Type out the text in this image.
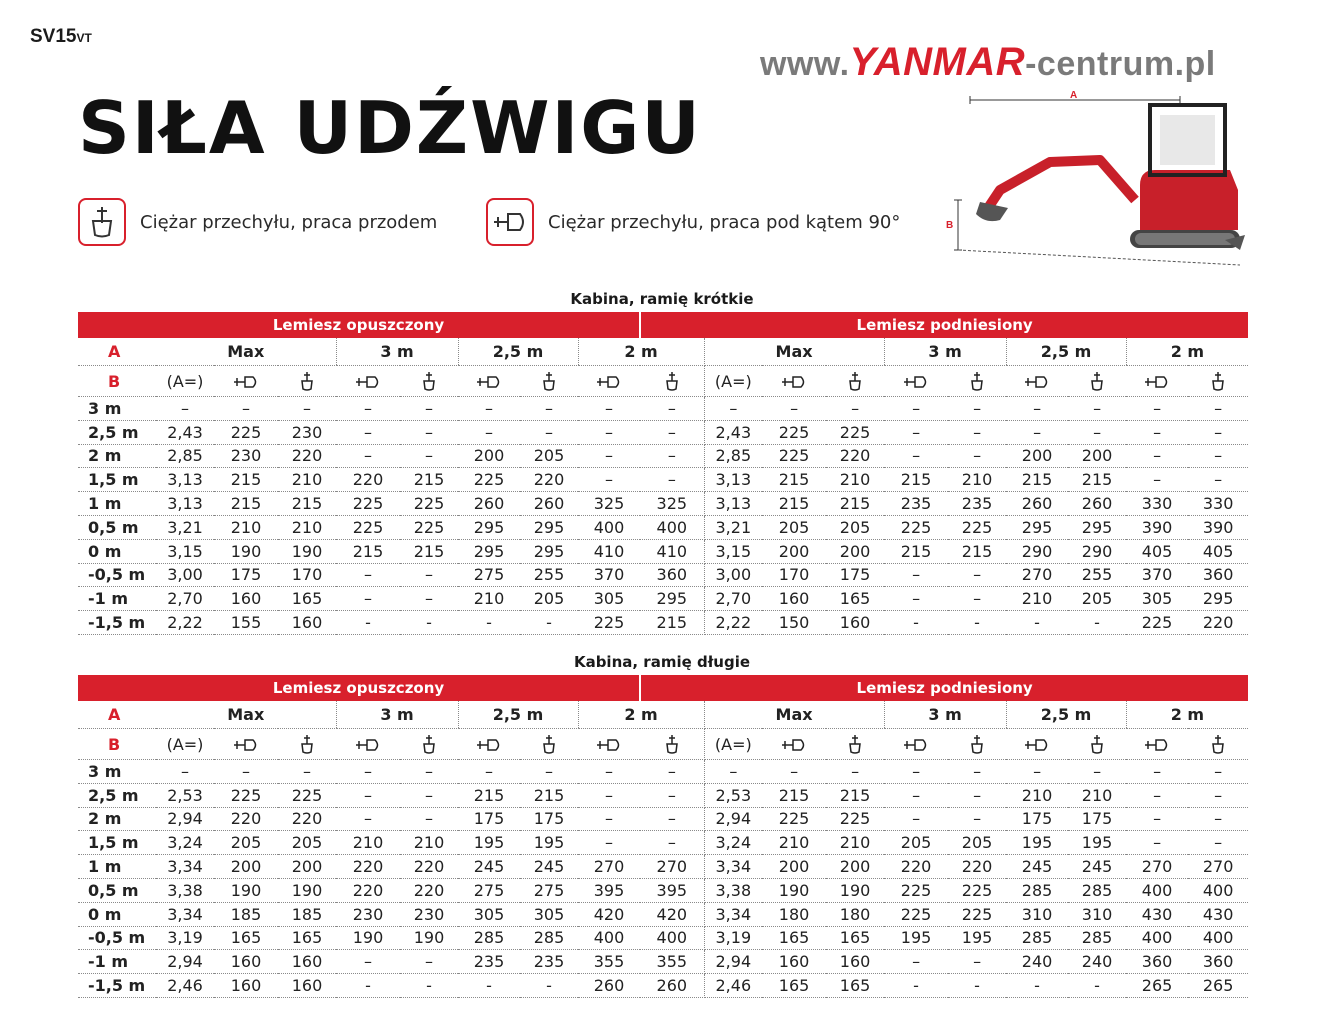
SV15VT
www.YANMAR-centrum.pl
SIŁA UDŹWIGU
Ciężar przechyłu, praca przodem	Ciężar przechyłu, praca pod kątem 90°
A
B
Kabina, ramię krótkie
Lemiesz opuszczony									Lemiesz podniesiony									
A	Max			3 m		2,5 m		2 m		Max			3 m		2,5 m		2 m	
B	(A=)									(A=)								
3 m	–	–	–	–	–	–	–	–	–	–	–	–	–	–	–	–	–	–
2,5 m	2,43	225	230	–	–	–	–	–	–	2,43	225	225	–	–	–	–	–	–
2 m	2,85	230	220	–	–	200	205	–	–	2,85	225	220	–	–	200	200	–	–
1,5 m	3,13	215	210	220	215	225	220	–	–	3,13	215	210	215	210	215	215	–	–
1 m	3,13	215	215	225	225	260	260	325	325	3,13	215	215	235	235	260	260	330	330
0,5 m	3,21	210	210	225	225	295	295	400	400	3,21	205	205	225	225	295	295	390	390
0 m	3,15	190	190	215	215	295	295	410	410	3,15	200	200	215	215	290	290	405	405
-0,5 m	3,00	175	170	–	–	275	255	370	360	3,00	170	175	–	–	270	255	370	360
-1 m	2,70	160	165	–	–	210	205	305	295	2,70	160	165	–	–	210	205	305	295
-1,5 m	2,22	155	160	-	-	-	-	225	215	2,22	150	160	-	-	-	-	225	220
Kabina, ramię długie
Lemiesz opuszczony									Lemiesz podniesiony									
A	Max			3 m		2,5 m		2 m		Max			3 m		2,5 m		2 m	
B	(A=)									(A=)								
3 m	–	–	–	–	–	–	–	–	–	–	–	–	–	–	–	–	–	–
2,5 m	2,53	225	225	–	–	215	215	–	–	2,53	215	215	–	–	210	210	–	–
2 m	2,94	220	220	–	–	175	175	–	–	2,94	225	225	–	–	175	175	–	–
1,5 m	3,24	205	205	210	210	195	195	–	–	3,24	210	210	205	205	195	195	–	–
1 m	3,34	200	200	220	220	245	245	270	270	3,34	200	200	220	220	245	245	270	270
0,5 m	3,38	190	190	220	220	275	275	395	395	3,38	190	190	225	225	285	285	400	400
0 m	3,34	185	185	230	230	305	305	420	420	3,34	180	180	225	225	310	310	430	430
-0,5 m	3,19	165	165	190	190	285	285	400	400	3,19	165	165	195	195	285	285	400	400
-1 m	2,94	160	160	–	–	235	235	355	355	2,94	160	160	–	–	240	240	360	360
-1,5 m	2,46	160	160	-	-	-	-	260	260	2,46	165	165	-	-	-	-	265	265
